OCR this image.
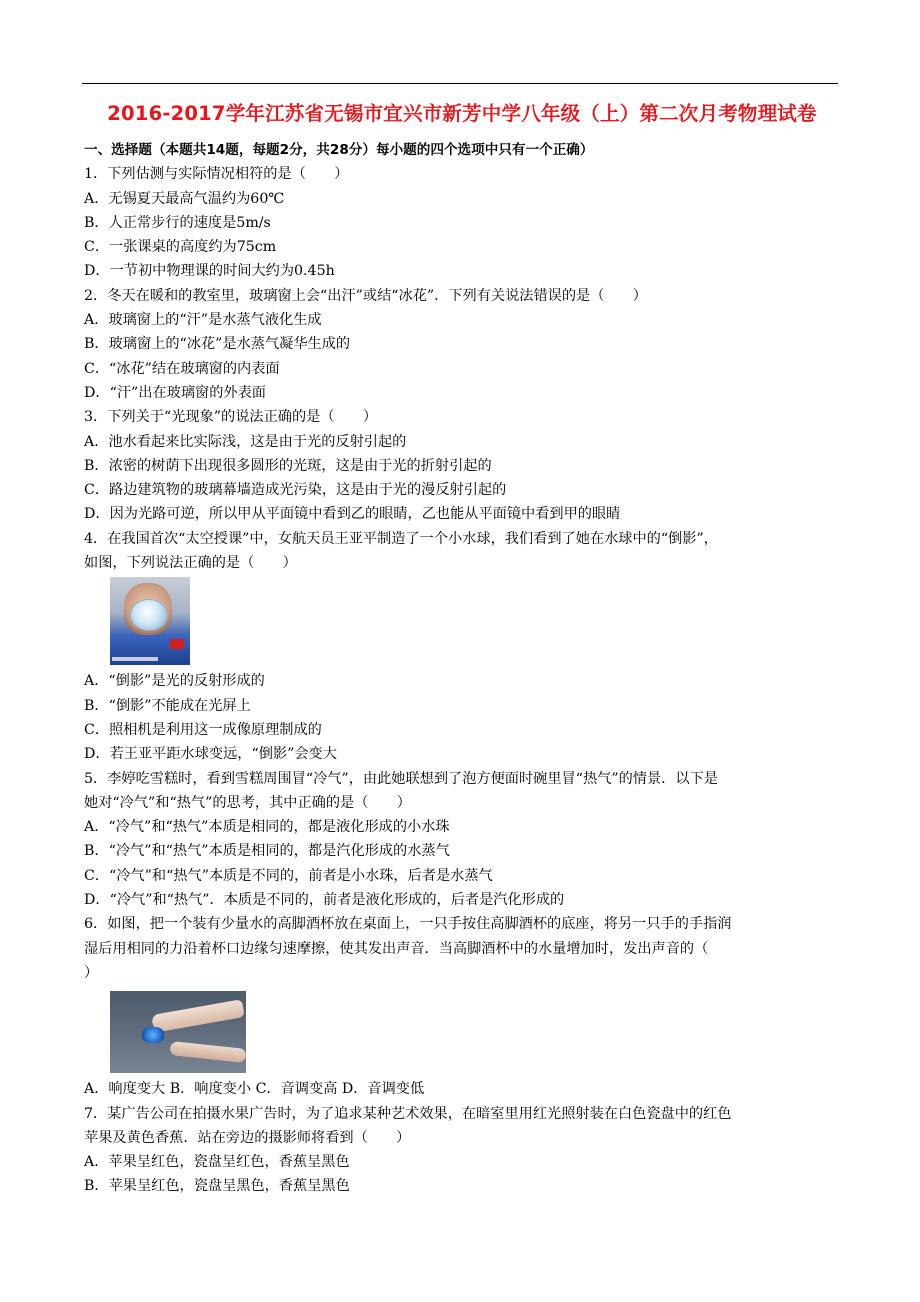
2016-2017学年江苏省无锡市宜兴市新芳中学八年级（上）第二次月考物理试卷
一、选择题（本题共14题，每题2分，共28分）每小题的四个选项中只有一个正确）
1．下列估测与实际情况相符的是（　　）
A．无锡夏天最高气温约为60℃
B．人正常步行的速度是5m/s
C．一张课桌的高度约为75cm
D．一节初中物理课的时间大约为0.45h
2．冬天在暖和的教室里，玻璃窗上会“出汗”或结“冰花”．下列有关说法错误的是（　　）
A．玻璃窗上的“汗”是水蒸气液化生成
B．玻璃窗上的“冰花”是水蒸气凝华生成的
C．“冰花”结在玻璃窗的内表面
D．“汗”出在玻璃窗的外表面
3．下列关于“光现象”的说法正确的是（　　）
A．池水看起来比实际浅，这是由于光的反射引起的
B．浓密的树荫下出现很多圆形的光斑，这是由于光的折射引起的
C．路边建筑物的玻璃幕墙造成光污染，这是由于光的漫反射引起的
D．因为光路可逆，所以甲从平面镜中看到乙的眼睛，乙也能从平面镜中看到甲的眼睛
4．在我国首次“太空授课”中，女航天员王亚平制造了一个小水球，我们看到了她在水球中的“倒影”，
如图，下列说法正确的是（　　）
A．“倒影”是光的反射形成的
B．“倒影”不能成在光屏上
C．照相机是利用这一成像原理制成的
D．若王亚平距水球变远，“倒影”会变大
5．李婷吃雪糕时，看到雪糕周围冒“冷气”，由此她联想到了泡方便面时碗里冒“热气”的情景．以下是
她对“冷气”和“热气”的思考，其中正确的是（　　）
A．“冷气”和“热气”本质是相同的，都是液化形成的小水珠
B．“冷气”和“热气”本质是相同的，都是汽化形成的水蒸气
C．“冷气”和“热气”本质是不同的，前者是小水珠，后者是水蒸气
D．“冷气”和“热气”．本质是不同的，前者是液化形成的，后者是汽化形成的
6．如图，把一个装有少量水的高脚酒杯放在桌面上，一只手按住高脚酒杯的底座，将另一只手的手指润
湿后用相同的力沿着杯口边缘匀速摩擦，使其发出声音．当高脚酒杯中的水量增加时，发出声音的（
）
A．响度变大 B．响度变小 C．音调变高 D．音调变低
7．某广告公司在拍摄水果广告时，为了追求某种艺术效果，在暗室里用红光照射装在白色瓷盘中的红色
苹果及黄色香蕉．站在旁边的摄影师将看到（　　）
A．苹果呈红色，瓷盘呈红色，香蕉呈黑色
B．苹果呈红色，瓷盘呈黑色，香蕉呈黑色
